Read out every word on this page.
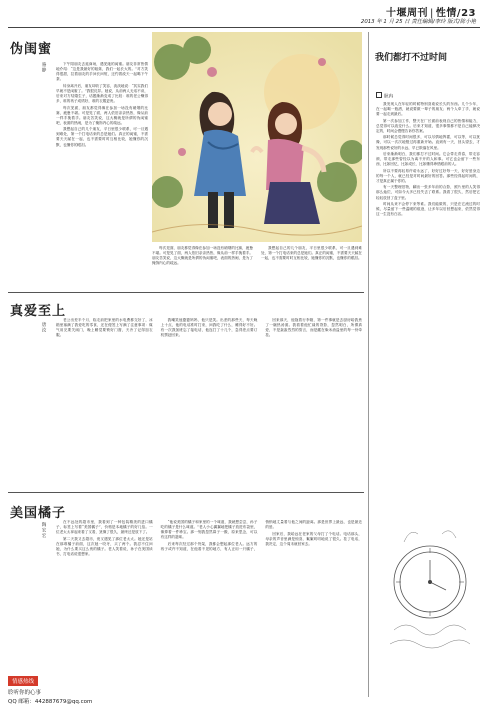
十堰周刊 | 性情/23
2013 年 1 月 25 日 责任编辑/李玲 版式/陈小艳
伪闺蜜
骆静	下午陪朋友去逛商场，遇见她的闺蜜。朋友非常热情地介绍：“这是我最好的姐妹，我们一起长大的。”对方笑得很甜，拉着朋友的手问长问短，还约着改天一起喝下午茶。

转身离开后，朋友却收了笑容，淡淡地说：“其实我们早就不是闺蜜了。”我很诧异。她说，从前两人无话不谈，后来对方结婚生子，话题渐渐变成了比较：谁的老公赚得多，谁的孩子成绩好，谁的衣服更贵。

每次见面，朋友都觉得像在参加一场没有硝烟的比赛，疲惫不堪。可是见了面，两人依旧亲亲热热，像从前一样手挽着手。朋友苦笑说，这大概就是所谓的伪闺蜜吧，表面的热闹，是为了掩饰内心的疏远。

我想起自己的几个朋友，平日里很少联系，可一旦遇到难处，第一个打电话来的总是她们。真正的闺蜜，不需要天天腻在一起，也不需要时时互相比较，她懂你的沉默，也懂你的眼泪。

每次见面，朋友都觉得像在参加一场没有硝烟的比赛，疲惫不堪。可是见了面，两人依旧亲亲热热，像从前一样手挽着手。朋友苦笑说，这大概就是所谓的伪闺蜜吧，表面的热闹，是为了掩饰内心的疏远。

我想起自己的几个朋友，平日里很少联系，可一旦遇到难处，第一个打电话来的总是她们。真正的闺蜜，不需要天天腻在一起，也不需要时时互相比较，她懂你的沉默，也懂你的眼泪。

真爱至上
唐汝

老公出差半个月，临走前把家里的水电费都交好了，冰箱里塞满了我爱吃的零食，还在便签上写满了注意事项：煤气用完要关阀门，晚上睡觉要锁好门窗，天冷了记得加衣服。

我嘲笑他婆婆妈妈，他只是笑。出差的那些天，每天晚上十点，他的电话准时打来，问我吃了什么，睡得好不好。有一次我加班忘了接电话，他连打了十几个，急得差点要订机票赶回来。

回来那天，他拖着行李箱，第一件事就是去厨房给我煮了一碗热汤面。我看着他忙碌的背影，忽然明白，所谓真爱，不是轰轰烈烈的誓言，而是藏在柴米油盐里的每一份牵挂。

美国橘子
陶宏宏	在不远处的超市里，我看到了一种包装精美的进口橘子，标签上写着“美国橘子”，价格是本地橘子的好几倍。一位老太太拿起来看了又看，犹豫了很久，最终还是放下了。

第二天我又去超市，竟又遇见了那位老太太。她还是站在那堆橘子前面，这次她一咬牙，买了两个。我忍不住问她，为什么要买这么贵的橘子。老人笑着说，孙子在美国读书，打电话说很想家。

“他说美国的橘子和家里的一个味道，我就想尝尝，孙子吃的橘子是什么味道。”老人小心翼翼地把橘子放进布袋里，像捧着一件珍宝。那一刻我忽然鼻子一酸，原来思念，可以有这样的滋味。

后来每次经过那个货架，我都会想起那位老人。远方的孩子或许不知道，在他看不见的地方，有人正用一只橘子，悄悄地丈量着与他之间的距离。那是世界上最远，也是最近的爱。

回家后，我给远在老家的父母打了个电话。电话那头，母亲的声音里满是惊喜，絮絮叨叨地说了很久。挂了电话，我决定，这个周末就回家去。

我们都打不过时间
耿冉

我发现人在年轻的时候特别喜欢说长久的东西。几个少年，在一起喝一瓶酒，就说要做一辈子的朋友；两个人牵了手，就说要一起走到最后。

第一次参加工作，整天在厂长面前表现自己的热情和能力，总觉得可以改变什么。后来才知道，很多事情都不是自己能够决定的，时间会慢慢告诉你答案。

那时候总觉得时间很多，可以尽情地挥霍，可以等，可以犹豫，可以一次次地错过再重新开始。直到有一天，回头望去，才发现那些说好的永远，早已散落在风里。

后来渐渐明白，我们都打不过时间。它会带走青春，带走容颜，带走那些曾经以为离不开的人和事。可它也会留下一些东西，比如回忆，比如成长，比如懂得珍惜眼前的人。

所以不要再轻易许诺永远了，好好过好每一天，好好爱身边的每一个人，就已经是对时间最好的回答。那些经得起时间的，才是真正属于你的。

有一天整理旧物，翻出一张多年前的合影，照片里的人笑得那么灿烂，可如今大多已经失去了联系。我看了很久，然后把它轻轻放回了盒子里。

时间从来不会停下来等谁。我们能做的，只是在它流过的时候，尽量留下一些温暖的痕迹，让多年以后回想起来，依然觉得这一生没有白活。

情感热线
聆听你的心事
QQ 邮箱：442887679@qq.com
